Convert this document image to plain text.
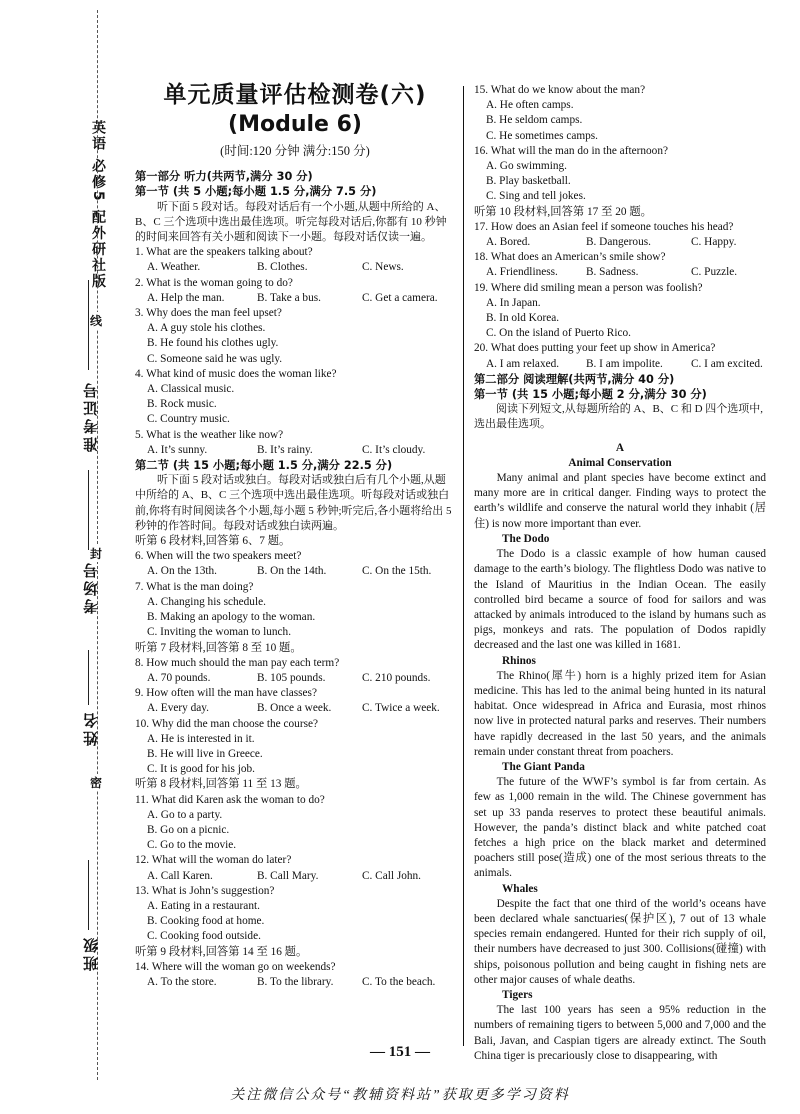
英语 必修5 配外研社版
线
封
密
班级
姓名
考场号
准考证号
单元质量评估检测卷(六)
(Module 6)
(时间:120 分钟 满分:150 分)
第一部分 听力(共两节,满分 30 分)
第一节 (共 5 小题;每小题 1.5 分,满分 7.5 分)
听下面 5 段对话。每段对话后有一个小题,从题中所给的 A、B、C 三个选项中选出最佳选项。听完每段对话后,你都有 10 秒钟的时间来回答有关小题和阅读下一小题。每段对话仅读一遍。
1. What are the speakers talking about?
A. Weather.	B. Clothes.	C. News.
2. What is the woman going to do?
A. Help the man.	B. Take a bus.	C. Get a camera.
3. Why does the man feel upset?
A. A guy stole his clothes.
B. He found his clothes ugly.
C. Someone said he was ugly.
4. What kind of music does the woman like?
A. Classical music.
B. Rock music.
C. Country music.
5. What is the weather like now?
A. It’s sunny.	B. It’s rainy.	C. It’s cloudy.
第二节 (共 15 小题;每小题 1.5 分,满分 22.5 分)
听下面 5 段对话或独白。每段对话或独白后有几个小题,从题中所给的 A、B、C 三个选项中选出最佳选项。听每段对话或独白前,你将有时间阅读各个小题,每小题 5 秒钟;听完后,各小题将给出 5 秒钟的作答时间。每段对话或独白读两遍。
听第 6 段材料,回答第 6、7 题。
6. When will the two speakers meet?
A. On the 13th.	B. On the 14th.	C. On the 15th.
7. What is the man doing?
A. Changing his schedule.
B. Making an apology to the woman.
C. Inviting the woman to lunch.
听第 7 段材料,回答第 8 至 10 题。
8. How much should the man pay each term?
A. 70 pounds.	B. 105 pounds.	C. 210 pounds.
9. How often will the man have classes?
A. Every day.	B. Once a week.	C. Twice a week.
10. Why did the man choose the course?
A. He is interested in it.
B. He will live in Greece.
C. It is good for his job.
听第 8 段材料,回答第 11 至 13 题。
11. What did Karen ask the woman to do?
A. Go to a party.
B. Go on a picnic.
C. Go to the movie.
12. What will the woman do later?
A. Call Karen.	B. Call Mary.	C. Call John.
13. What is John’s suggestion?
A. Eating in a restaurant.
B. Cooking food at home.
C. Cooking food outside.
听第 9 段材料,回答第 14 至 16 题。
14. Where will the woman go on weekends?
A. To the store.	B. To the library.	C. To the beach.
15. What do we know about the man?
A. He often camps.
B. He seldom camps.
C. He sometimes camps.
16. What will the man do in the afternoon?
A. Go swimming.
B. Play basketball.
C. Sing and tell jokes.
听第 10 段材料,回答第 17 至 20 题。
17. How does an Asian feel if someone touches his head?
A. Bored.	B. Dangerous.	C. Happy.
18. What does an American’s smile show?
A. Friendliness.	B. Sadness.	C. Puzzle.
19. Where did smiling mean a person was foolish?
A. In Japan.
B. In old Korea.
C. On the island of Puerto Rico.
20. What does putting your feet up show in America?
A. I am relaxed.	B. I am impolite.	C. I am excited.
第二部分 阅读理解(共两节,满分 40 分)
第一节 (共 15 小题;每小题 2 分,满分 30 分)
阅读下列短文,从每题所给的 A、B、C 和 D 四个选项中,选出最佳选项。
A
Animal Conservation
Many animal and plant species have become extinct and many more are in critical danger. Finding ways to protect the earth’s wildlife and conserve the natural world they inhabit (居住) is now more important than ever.
The Dodo
The Dodo is a classic example of how human caused damage to the earth’s biology. The flightless Dodo was native to the Island of Mauritius in the Indian Ocean. The easily controlled bird became a source of food for sailors and was attacked by animals introduced to the island by humans such as pigs, monkeys and rats. The population of Dodos rapidly decreased and the last one was killed in 1681.
Rhinos
The Rhino(犀牛) horn is a highly prized item for Asian medicine. This has led to the animal being hunted in its natural habitat. Once widespread in Africa and Eurasia, most rhinos now live in protected natural parks and reserves. Their numbers have rapidly decreased in the last 50 years, and the animals remain under constant threat from poachers.
The Giant Panda
The future of the WWF’s symbol is far from certain. As few as 1,000 remain in the wild. The Chinese government has set up 33 panda reserves to protect these beautiful animals. However, the panda’s distinct black and white patched coat fetches a high price on the black market and determined poachers still pose(造成) one of the most serious threats to the animals.
Whales
Despite the fact that one third of the world’s oceans have been declared whale sanctuaries(保护区), 7 out of 13 whale species remain endangered. Hunted for their rich supply of oil, their numbers have decreased to just 300. Collisions(碰撞) with ships, poisonous pollution and being caught in fishing nets are other major causes of whale deaths.
Tigers
The last 100 years has seen a 95% reduction in the numbers of remaining tigers to between 5,000 and 7,000 and the Bali, Javan, and Caspian tigers are already extinct. The South China tiger is precariously close to disappearing, with
— 151 —
关注微信公众号“教辅资料站”获取更多学习资料
